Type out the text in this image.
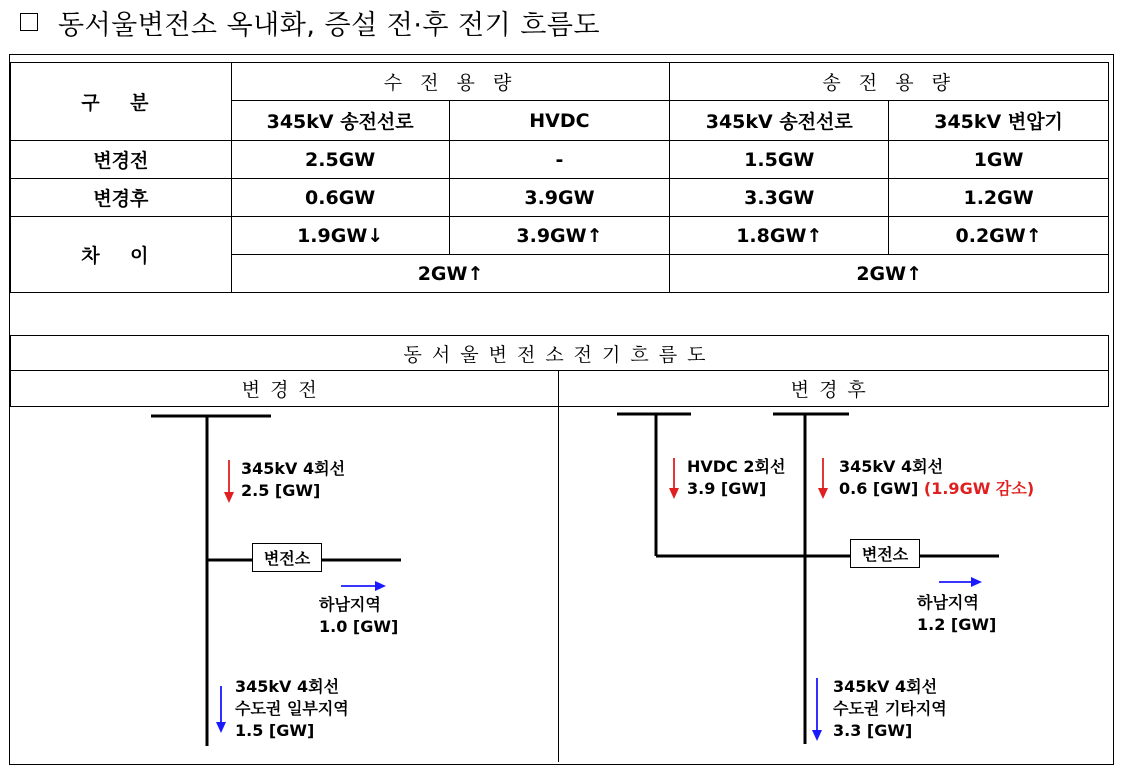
동서울변전소 옥내화, 증설 전·후 전기 흐름도
구 분	수 전 용 량		송 전 용 량	
	345kV 송전선로	HVDC	345kV 송전선로	345kV 변압기
변경전	2.5GW	-	1.5GW	1GW
변경후	0.6GW	3.9GW	3.3GW	1.2GW
차 이	1.9GW↓	3.9GW↑	1.8GW↑	0.2GW↑
	2GW↑		2GW↑	
동서울변전소전기흐름도
변경전	변경후
345kV 4회선
2.5 [GW]
변전소
하남지역
1.0 [GW]
345kV 4회선
수도권 일부지역
1.5 [GW]
HVDC 2회선
3.9 [GW]
345kV 4회선
0.6 [GW] (1.9GW 감소)
변전소
하남지역
1.2 [GW]
345kV 4회선
수도권 기타지역
3.3 [GW]
